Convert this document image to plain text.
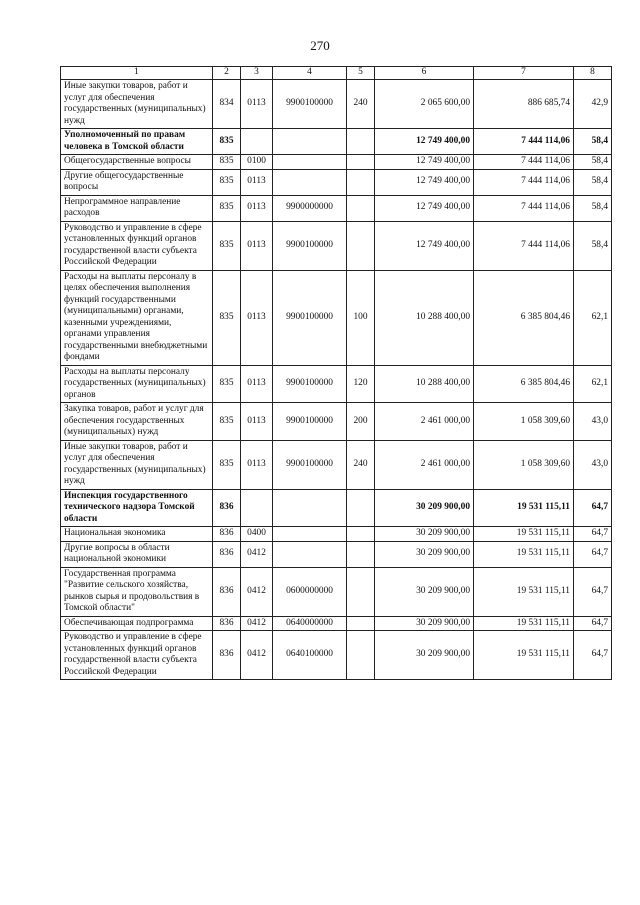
270
1	2	3	4	5	6	7	8
Иные закупки товаров, работ и услуг для обеспечения государственных (муниципальных) нужд	834	0113	9900100000	240	2 065 600,00	886 685,74	42,9
Уполномоченный по правам человека в Томской области	835				12 749 400,00	7 444 114,06	58,4
Общегосударственные вопросы	835	0100			12 749 400,00	7 444 114,06	58,4
Другие общегосударственные вопросы	835	0113			12 749 400,00	7 444 114,06	58,4
Непрограммное направление расходов	835	0113	9900000000		12 749 400,00	7 444 114,06	58,4
Руководство и управление в сфере установленных функций органов государственной власти субъекта Российской Федерации	835	0113	9900100000		12 749 400,00	7 444 114,06	58,4
Расходы на выплаты персоналу в целях обеспечения выполнения функций государственными (муниципальными) органами, казенными учреждениями, органами управления государственными внебюджетными фондами	835	0113	9900100000	100	10 288 400,00	6 385 804,46	62,1
Расходы на выплаты персоналу государственных (муниципальных) органов	835	0113	9900100000	120	10 288 400,00	6 385 804,46	62,1
Закупка товаров, работ и услуг для обеспечения государственных (муниципальных) нужд	835	0113	9900100000	200	2 461 000,00	1 058 309,60	43,0
Иные закупки товаров, работ и услуг для обеспечения государственных (муниципальных) нужд	835	0113	9900100000	240	2 461 000,00	1 058 309,60	43,0
Инспекция государственного технического надзора Томской области	836				30 209 900,00	19 531 115,11	64,7
Национальная экономика	836	0400			30 209 900,00	19 531 115,11	64,7
Другие вопросы в области национальной экономики	836	0412			30 209 900,00	19 531 115,11	64,7
Государственная программа "Развитие сельского хозяйства, рынков сырья и продовольствия в Томской области"	836	0412	0600000000		30 209 900,00	19 531 115,11	64,7
Обеспечивающая подпрограмма	836	0412	0640000000		30 209 900,00	19 531 115,11	64,7
Руководство и управление в сфере установленных функций органов государственной власти субъекта Российской Федерации	836	0412	0640100000		30 209 900,00	19 531 115,11	64,7
